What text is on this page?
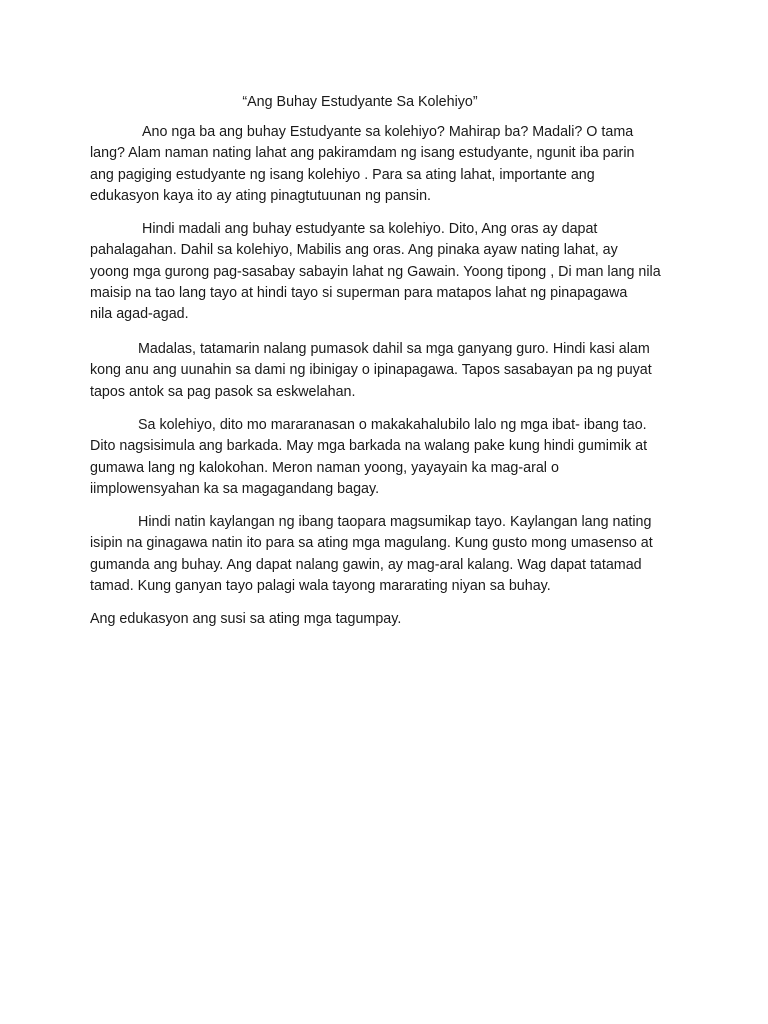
“Ang Buhay Estudyante Sa Kolehiyo”

Ano nga ba ang buhay Estudyante sa kolehiyo? Mahirap ba? Madali? O tama
lang? Alam naman nating lahat ang pakiramdam ng isang estudyante, ngunit iba parin
ang pagiging estudyante ng isang kolehiyo . Para sa ating lahat, importante ang
edukasyon kaya ito ay ating pinagtutuunan ng pansin.

Hindi madali ang buhay estudyante sa kolehiyo. Dito, Ang oras ay dapat
pahalagahan. Dahil sa kolehiyo, Mabilis ang oras. Ang pinaka ayaw nating lahat, ay
yoong mga gurong pag-sasabay sabayin lahat ng Gawain. Yoong tipong , Di man lang nila
maisip na tao lang tayo at hindi tayo si superman para matapos lahat ng pinapagawa
nila agad-agad.

Madalas, tatamarin nalang pumasok dahil sa mga ganyang guro. Hindi kasi alam
kong anu ang uunahin sa dami ng ibinigay o ipinapagawa. Tapos sasabayan pa ng puyat
tapos antok sa pag pasok sa eskwelahan.

Sa kolehiyo, dito mo mararanasan o makakahalubilo lalo ng mga ibat- ibang tao.
Dito nagsisimula ang barkada. May mga barkada na walang pake kung hindi gumimik at
gumawa lang ng kalokohan. Meron naman yoong, yayayain ka mag-aral o
iimplowensyahan ka sa magagandang bagay.

Hindi natin kaylangan ng ibang taopara magsumikap tayo. Kaylangan lang nating
isipin na ginagawa natin ito para sa ating mga magulang. Kung gusto mong umasenso at
gumanda ang buhay. Ang dapat nalang gawin, ay mag-aral kalang. Wag dapat tatamad
tamad. Kung ganyan tayo palagi wala tayong mararating niyan sa buhay.

Ang edukasyon ang susi sa ating mga tagumpay.
